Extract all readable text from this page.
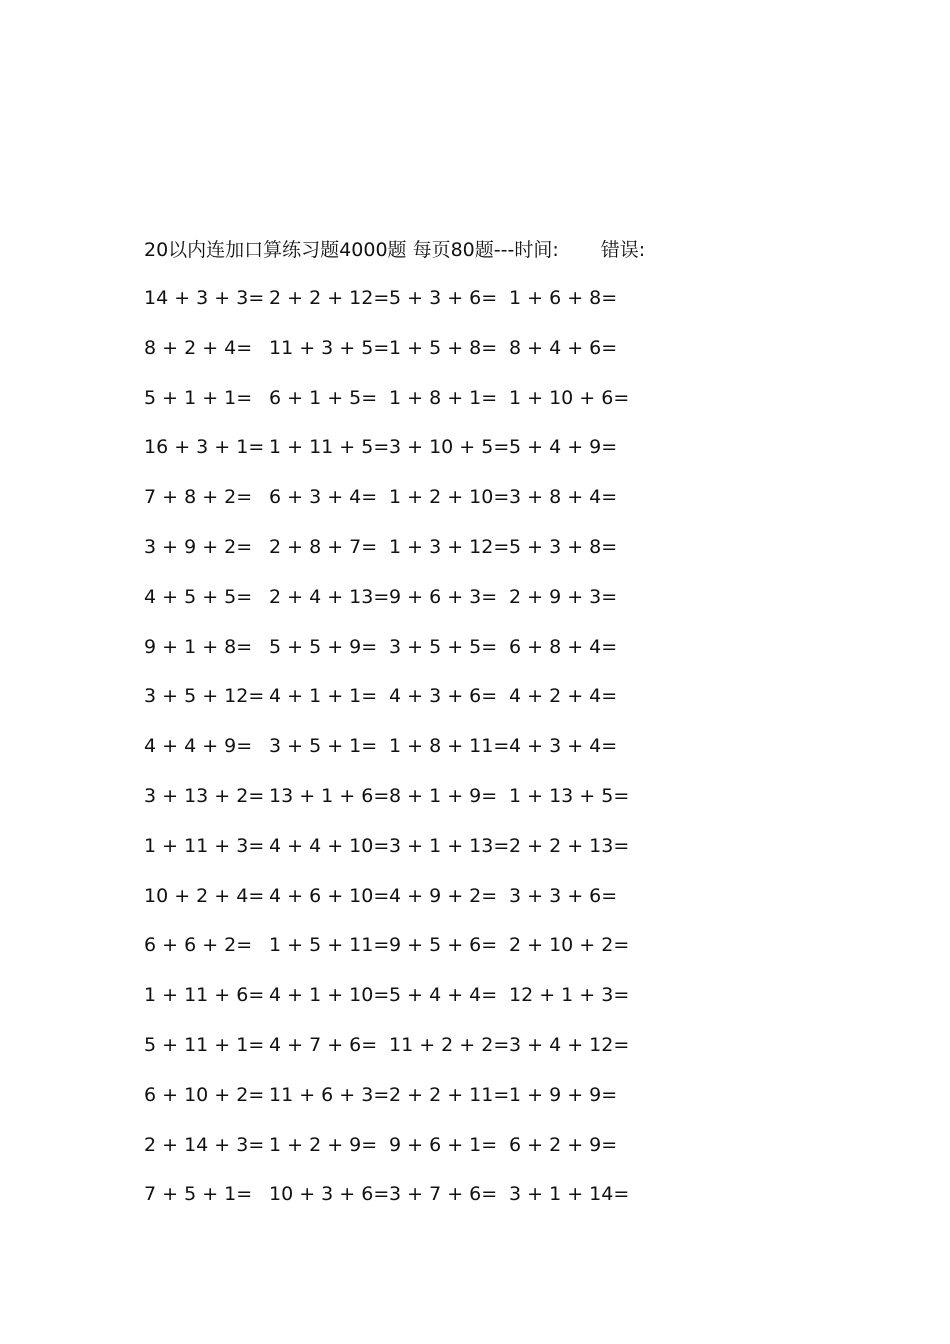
20以内连加口算练习题4000题 每页80题---时间: 错误:
14 + 3 + 3= 2 + 2 + 12= 5 + 3 + 6= 1 + 6 + 8=
8 + 2 + 4= 11 + 3 + 5= 1 + 5 + 8= 8 + 4 + 6=
5 + 1 + 1= 6 + 1 + 5= 1 + 8 + 1= 1 + 10 + 6=
16 + 3 + 1= 1 + 11 + 5= 3 + 10 + 5= 5 + 4 + 9=
7 + 8 + 2= 6 + 3 + 4= 1 + 2 + 10= 3 + 8 + 4=
3 + 9 + 2= 2 + 8 + 7= 1 + 3 + 12= 5 + 3 + 8=
4 + 5 + 5= 2 + 4 + 13= 9 + 6 + 3= 2 + 9 + 3=
9 + 1 + 8= 5 + 5 + 9= 3 + 5 + 5= 6 + 8 + 4=
3 + 5 + 12= 4 + 1 + 1= 4 + 3 + 6= 4 + 2 + 4=
4 + 4 + 9= 3 + 5 + 1= 1 + 8 + 11= 4 + 3 + 4=
3 + 13 + 2= 13 + 1 + 6= 8 + 1 + 9= 1 + 13 + 5=
1 + 11 + 3= 4 + 4 + 10= 3 + 1 + 13= 2 + 2 + 13=
10 + 2 + 4= 4 + 6 + 10= 4 + 9 + 2= 3 + 3 + 6=
6 + 6 + 2= 1 + 5 + 11= 9 + 5 + 6= 2 + 10 + 2=
1 + 11 + 6= 4 + 1 + 10= 5 + 4 + 4= 12 + 1 + 3=
5 + 11 + 1= 4 + 7 + 6= 11 + 2 + 2= 3 + 4 + 12=
6 + 10 + 2= 11 + 6 + 3= 2 + 2 + 11= 1 + 9 + 9=
2 + 14 + 3= 1 + 2 + 9= 9 + 6 + 1= 6 + 2 + 9=
7 + 5 + 1= 10 + 3 + 6= 3 + 7 + 6= 3 + 1 + 14=
